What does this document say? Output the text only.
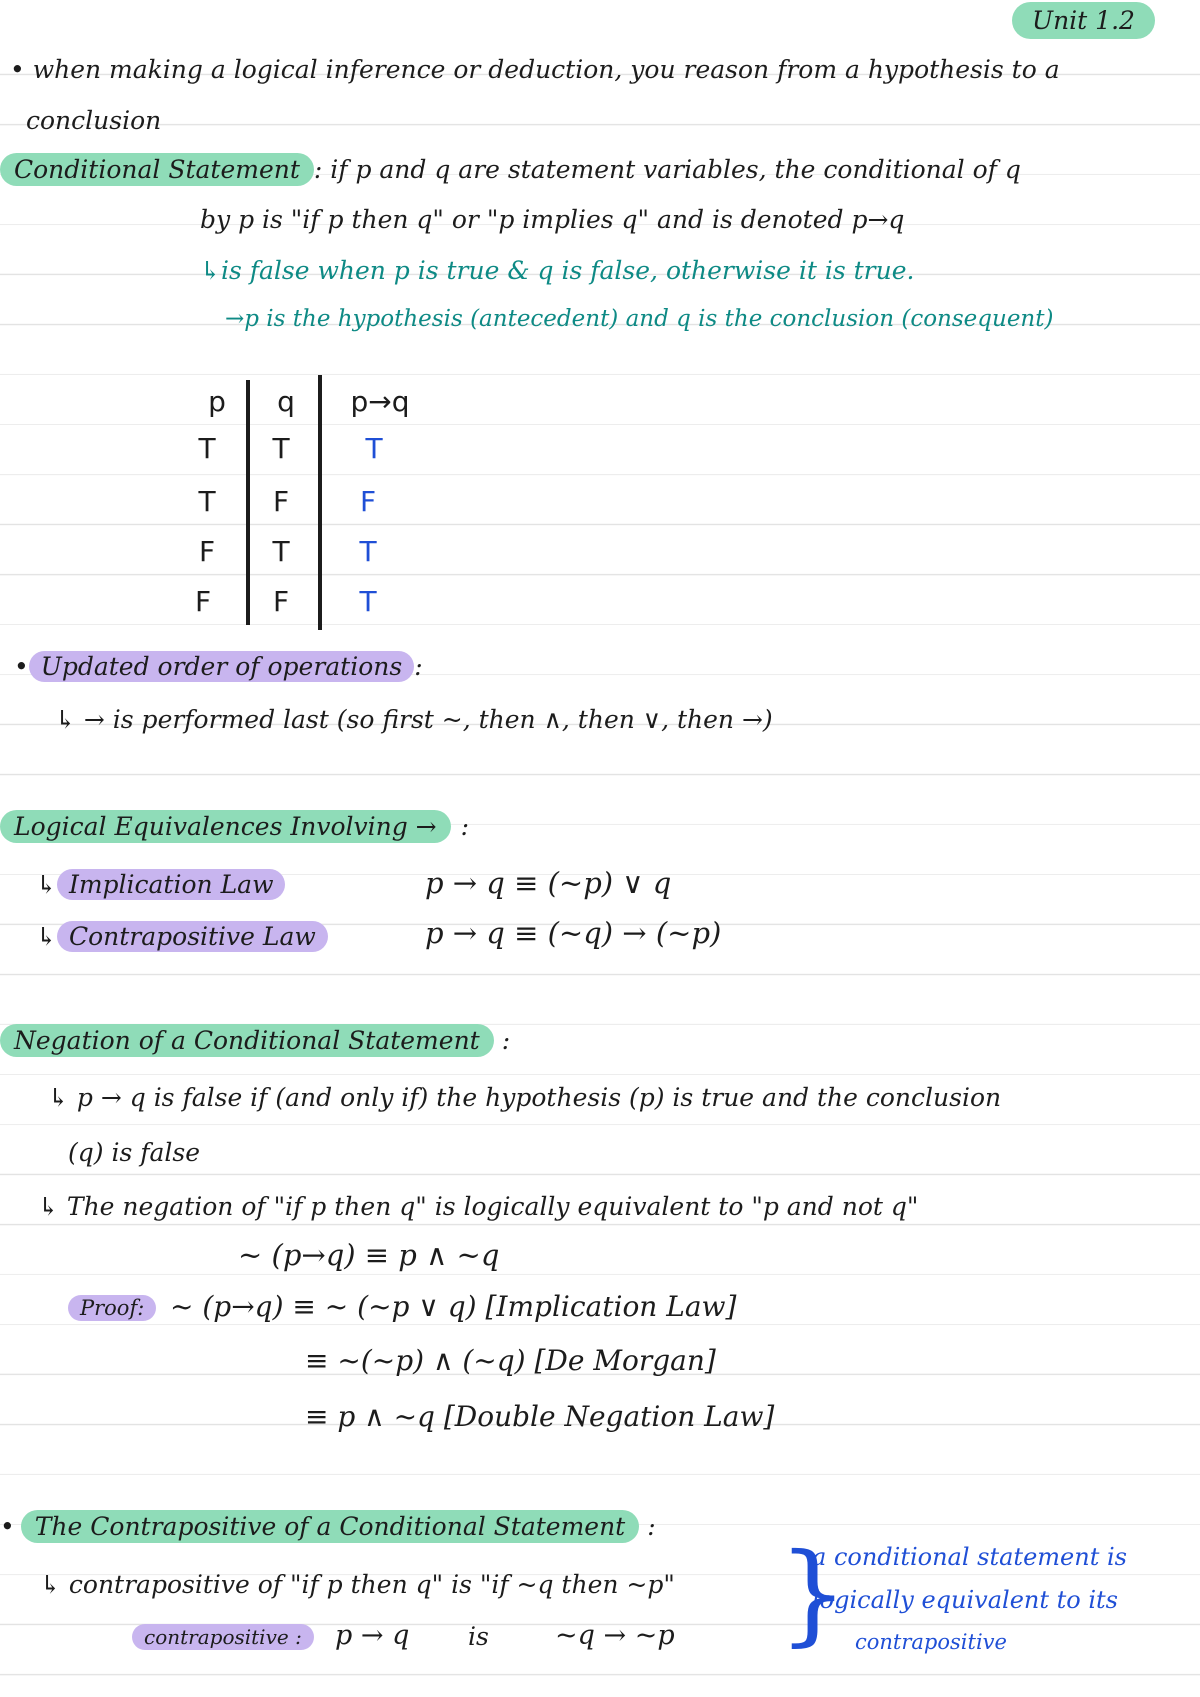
Unit 1.2
• when making a logical inference or deduction, you reason from a hypothesis to a
conclusion
Conditional Statement : if p and q are statement variables, the conditional of q
by p is "if p then q" or "p implies q" and is denoted p→q
↳is false when p is true & q is false, otherwise it is true.
→p is the hypothesis (antecedent) and q is the conclusion (consequent)
p	q	p→q
T	T	T
T	F	F
F	T	T
F	F	T
• Updated order of operations :
↳ → is performed last (so first ~, then ∧, then ∨, then →)
Logical Equivalences Involving → :
↳ Implication Law	p → q ≡ (~p) ∨ q
↳ Contrapositive Law	p → q ≡ (~q) → (~p)
Negation of a Conditional Statement :
↳ p → q is false if (and only if) the hypothesis (p) is true and the conclusion
(q) is false
↳ The negation of "if p then q" is logically equivalent to "p and not q"
~ (p→q) ≡ p ∧ ~q
Proof: ~ (p→q) ≡ ~ (~p ∨ q) [Implication Law]
≡ ~(~p) ∧ (~q) [De Morgan]
≡ p ∧ ~q [Double Negation Law]
• The Contrapositive of a Conditional Statement :
↳ contrapositive of "if p then q" is "if ~q then ~p"
contrapositive :	p → q is ~q → ~p }
a conditional statement is
logically equivalent to its
contrapositive
